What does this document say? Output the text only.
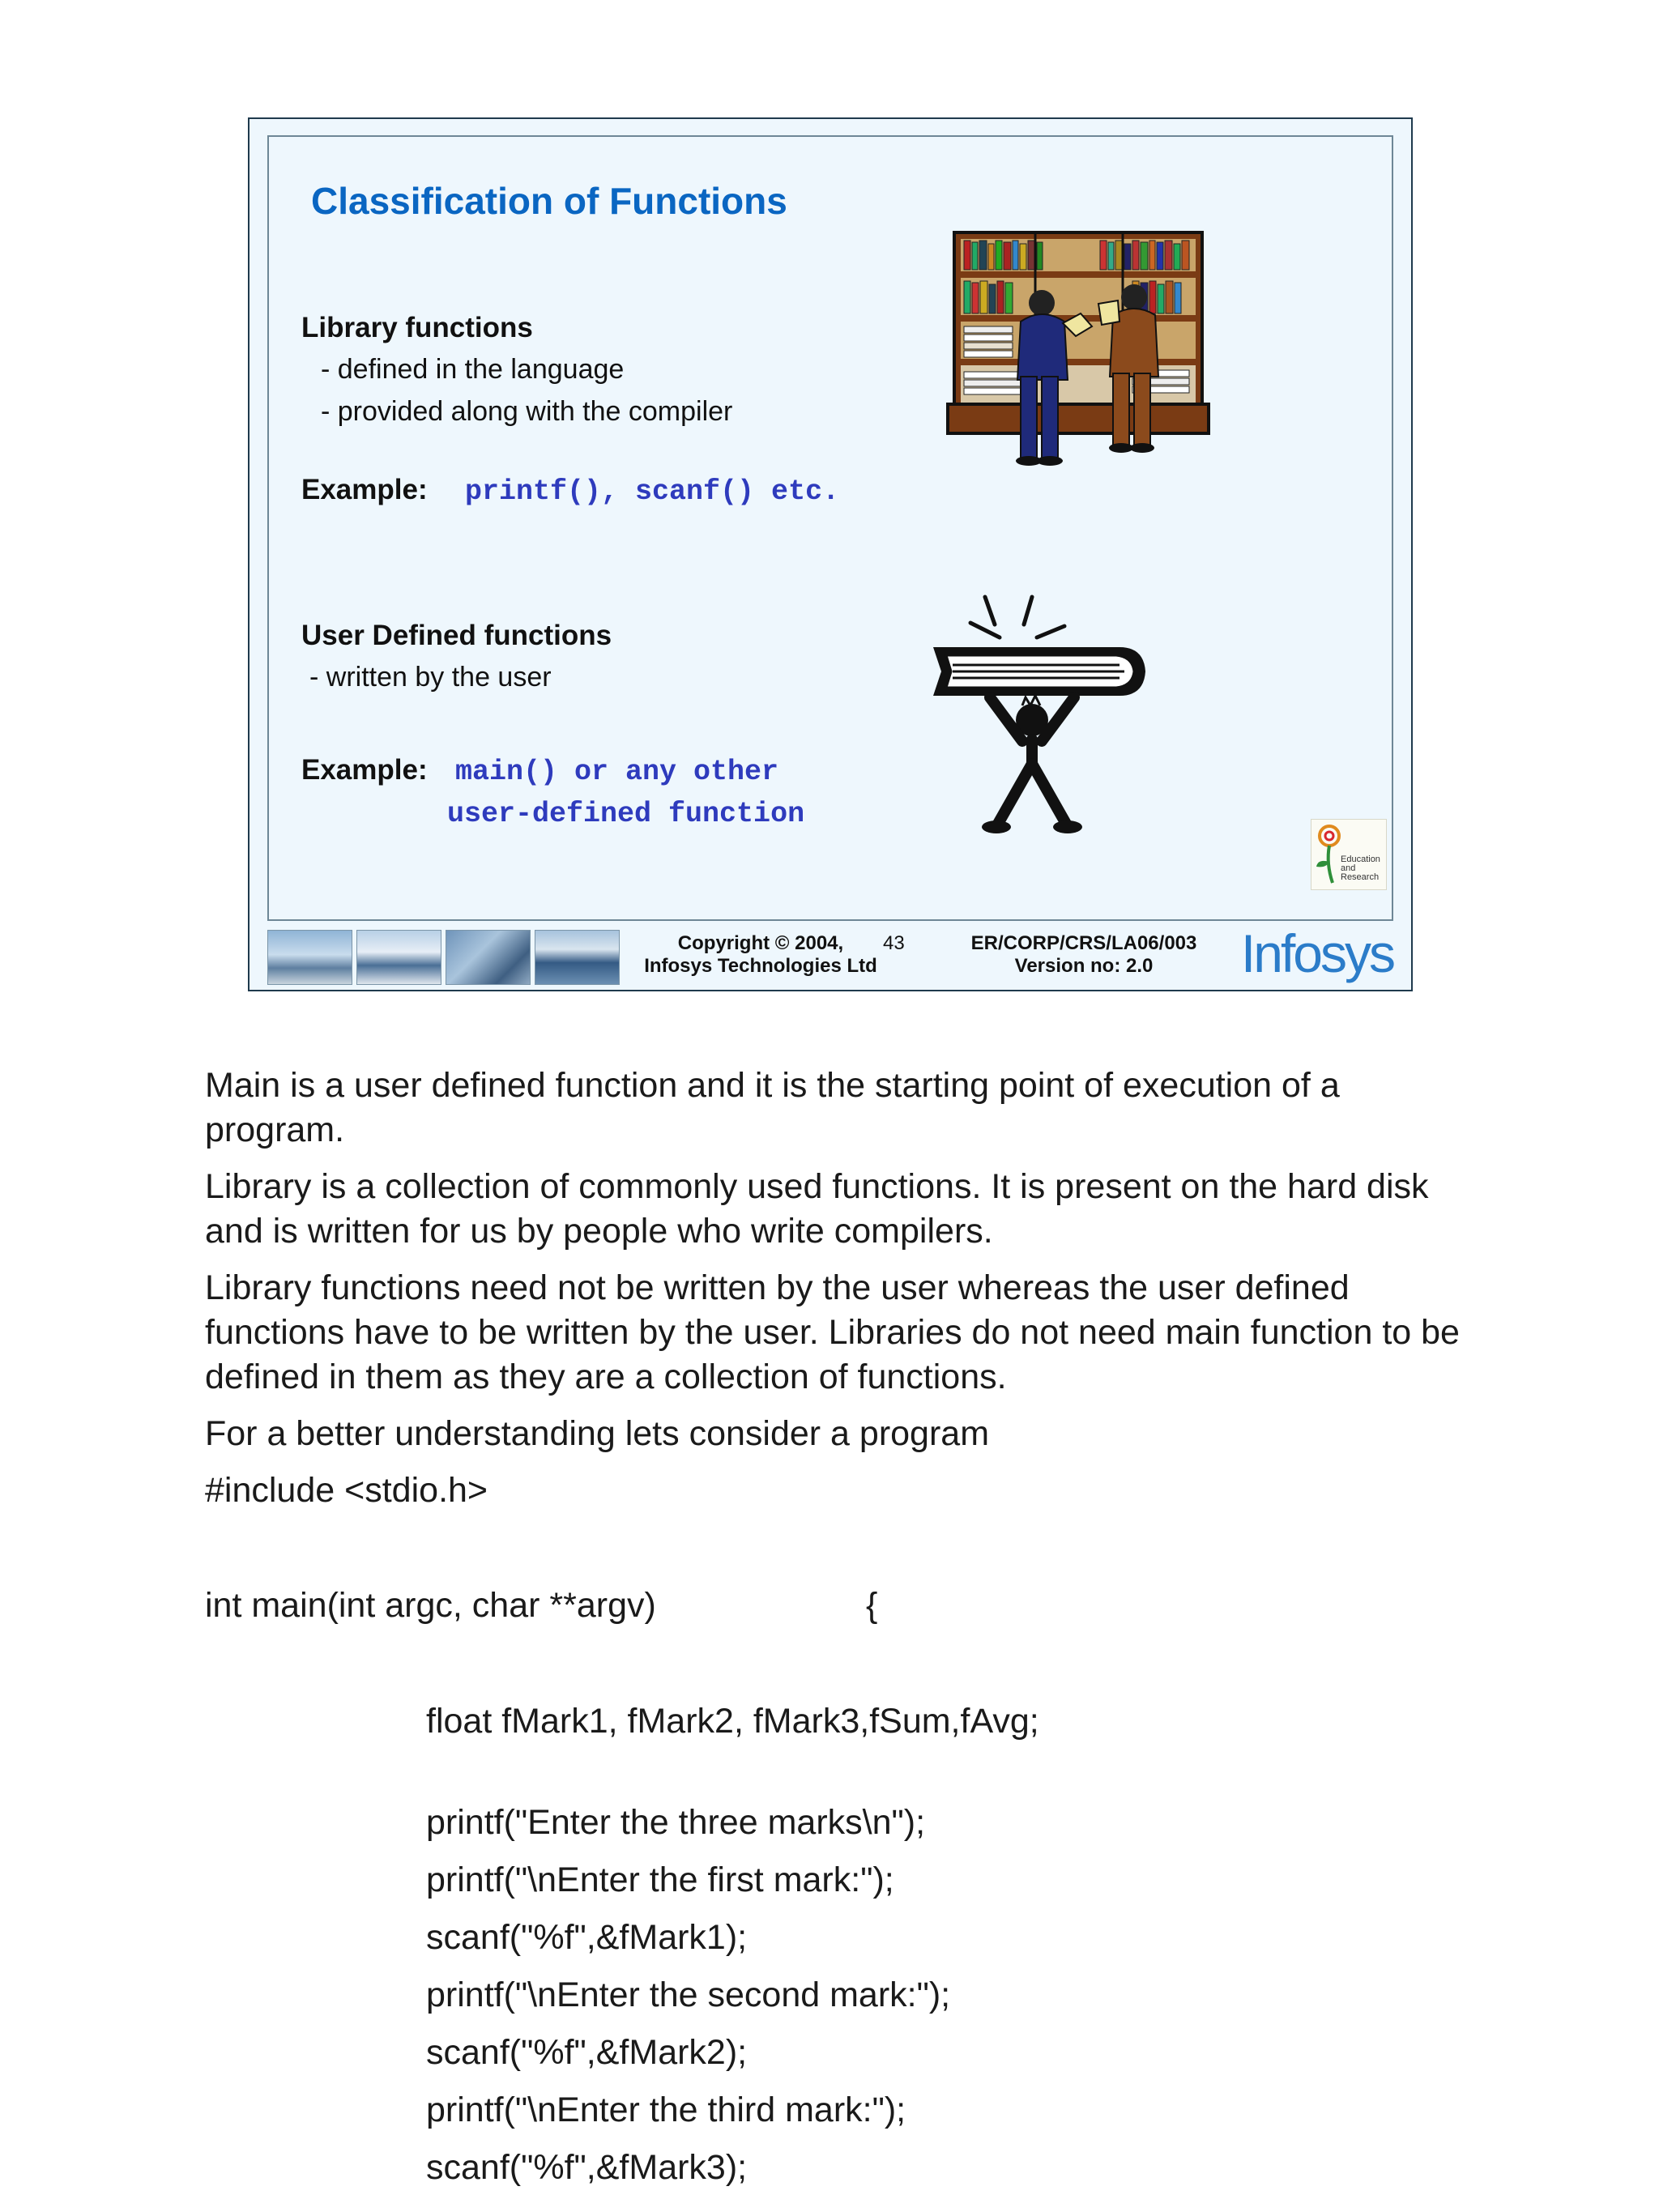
Classification of Functions
Library functions
- defined in the language
- provided along with the compiler
Example: printf(), scanf() etc.
User Defined functions
- written by the user
Example: main() or any other
user-defined function
Education
and
Research
Copyright © 2004,
Infosys Technologies Ltd
43	ER/CORP/CRS/LA06/003
Version no: 2.0	Infosys

Main is a user defined function and it is the starting point of execution of a program.

Library is a collection of commonly used functions. It is present on the hard disk and is written for us by people who write compilers.

Library functions need not be written by the user whereas the user defined functions have to be written by the user. Libraries do not need main function to be defined in them as they are a collection of functions.

For a better understanding lets consider a program

#include <stdio.h>

int main(int argc, char **argv)	{

float fMark1, fMark2, fMark3,fSum,fAvg;

printf("Enter the three marks\n");

printf("\nEnter the first mark:");

scanf("%f",&fMark1);

printf("\nEnter the second mark:");

scanf("%f",&fMark2);

printf("\nEnter the third mark:");

scanf("%f",&fMark3);
